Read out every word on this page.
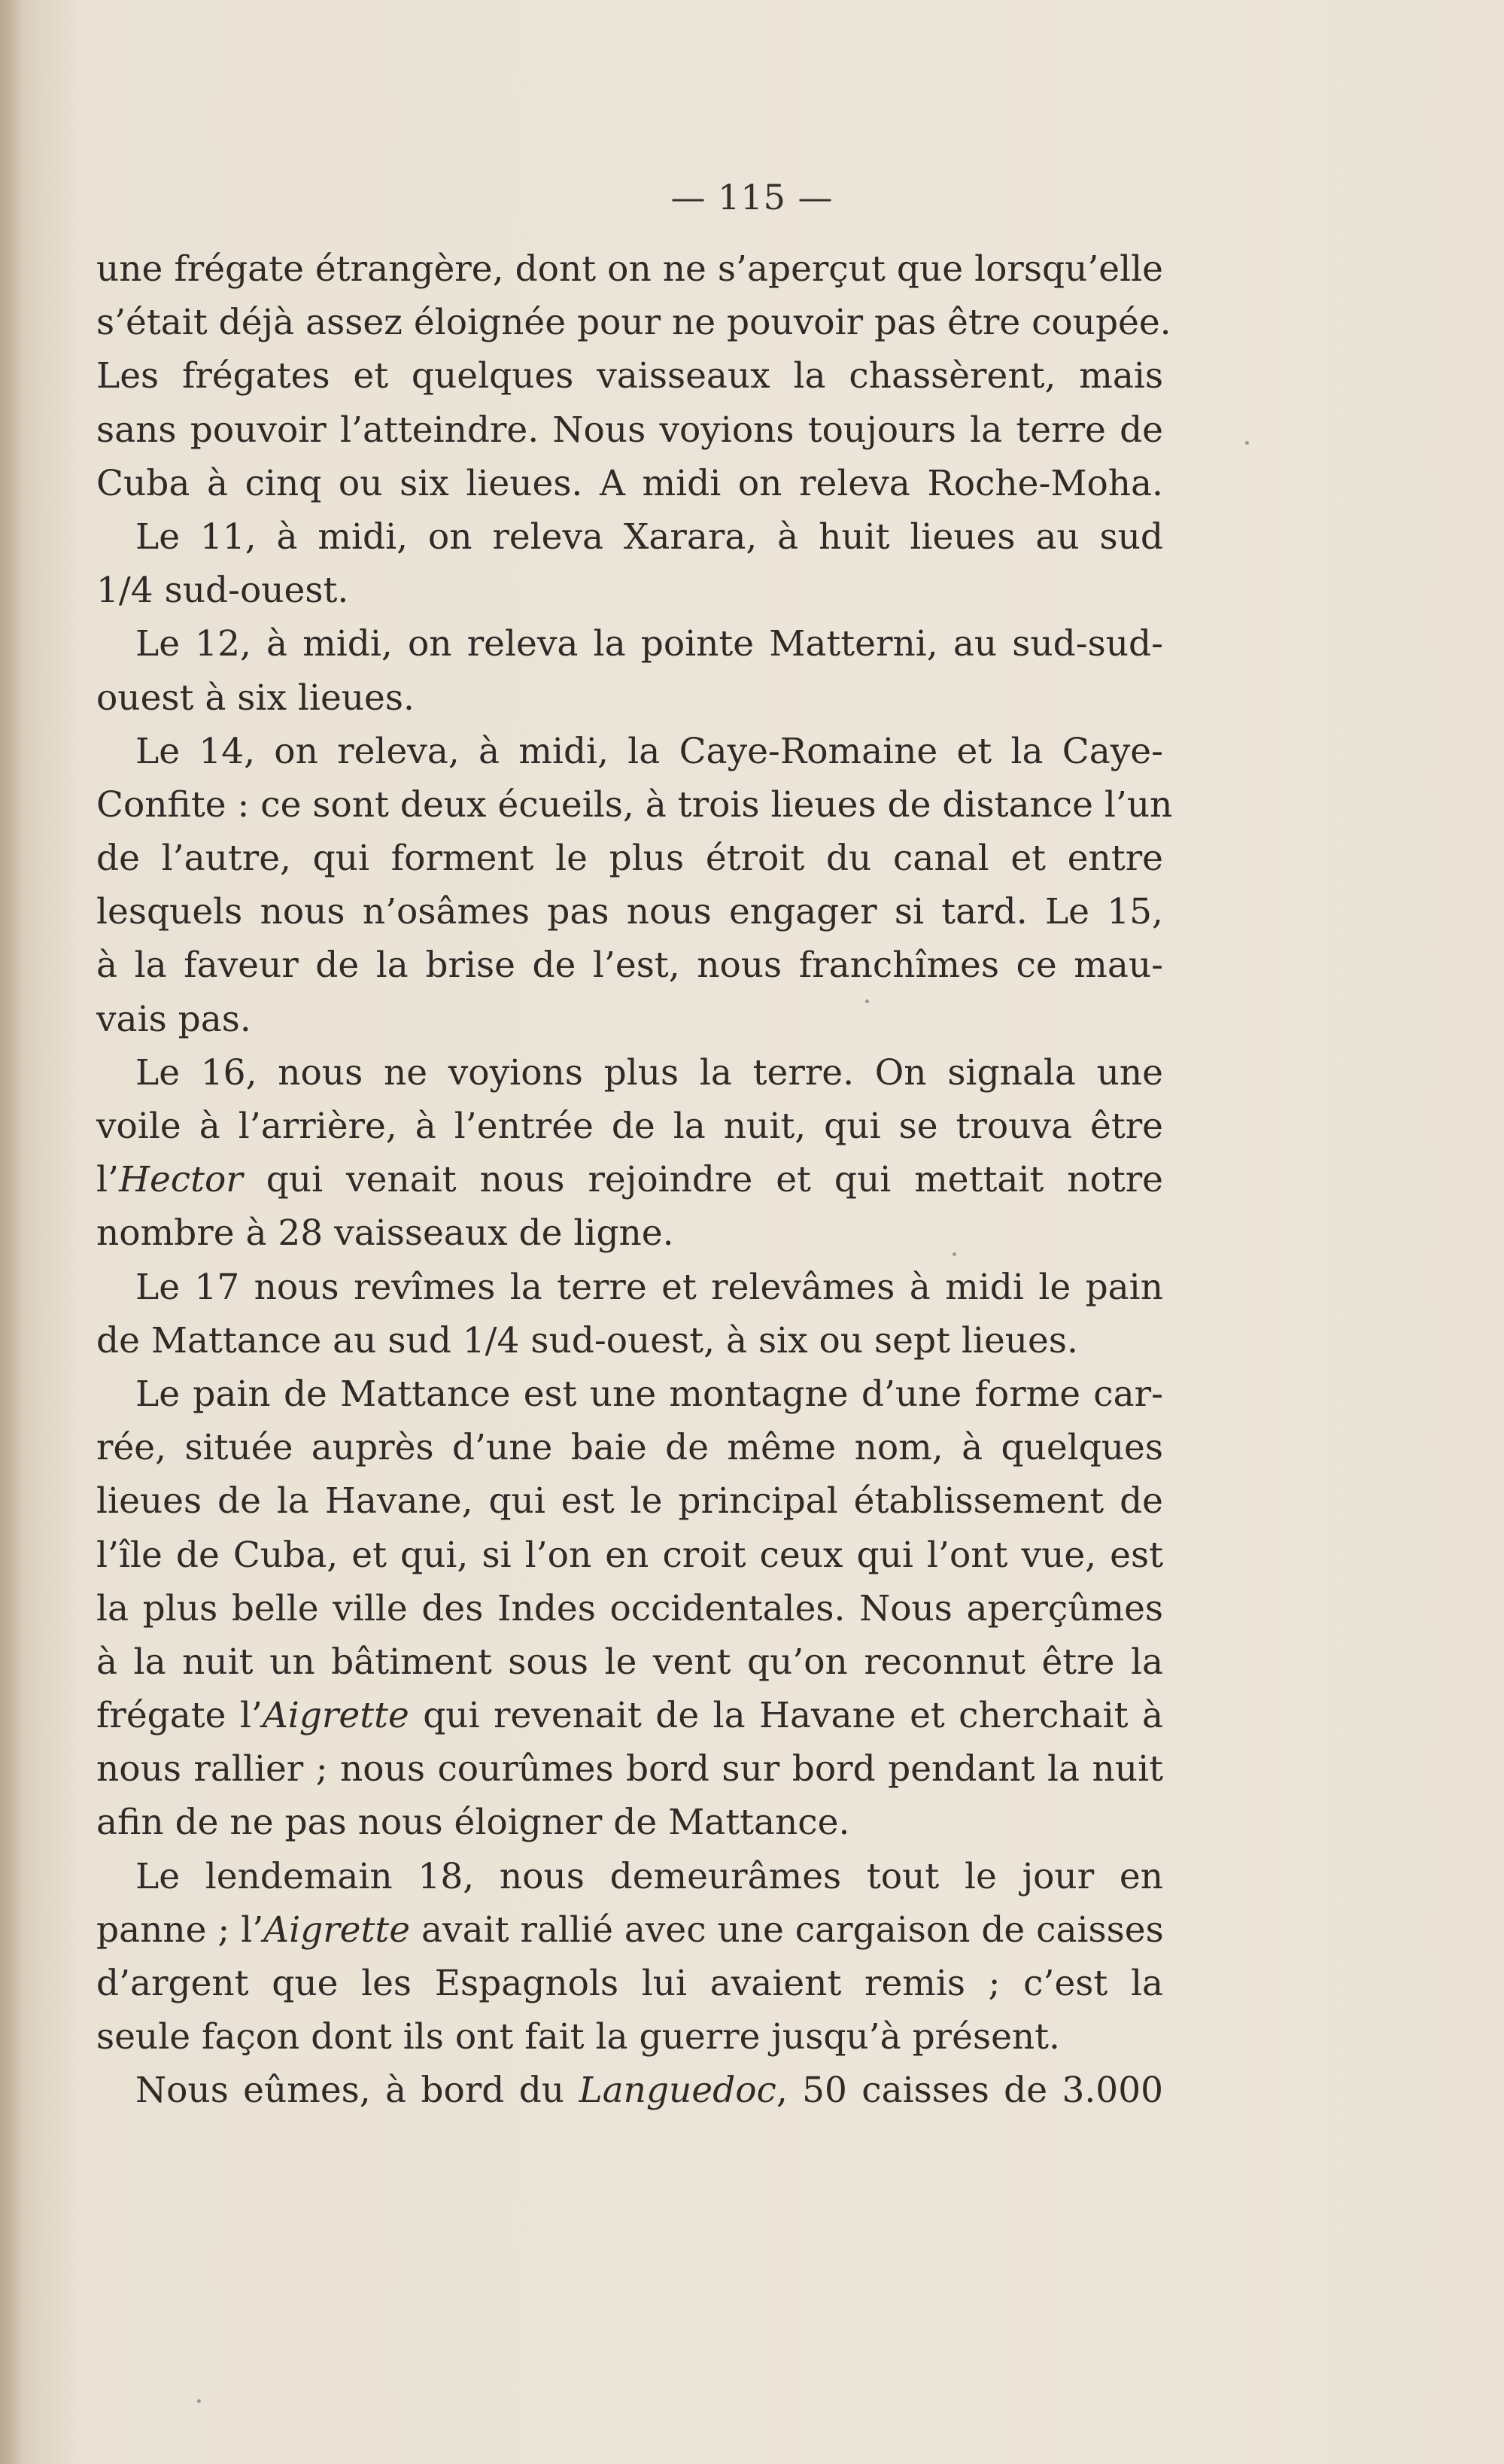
— 115 —
une frégate étrangère, dont on ne s’aperçut que lorsqu’elle
s’était déjà assez éloignée pour ne pouvoir pas être coupée.
Les frégates et quelques vaisseaux la chassèrent, mais
sans pouvoir l’atteindre. Nous voyions toujours la terre de
Cuba à cinq ou six lieues. A midi on releva Roche-Moha.
Le 11, à midi, on releva Xarara, à huit lieues au sud
1/4 sud-ouest.
Le 12, à midi, on releva la pointe Matterni, au sud-sud-
ouest à six lieues.
Le 14, on releva, à midi, la Caye-Romaine et la Caye-
Confite : ce sont deux écueils, à trois lieues de distance l’un
de l’autre, qui forment le plus étroit du canal et entre
lesquels nous n’osâmes pas nous engager si tard. Le 15,
à la faveur de la brise de l’est, nous franchîmes ce mau-
vais pas.
Le 16, nous ne voyions plus la terre. On signala une
voile à l’arrière, à l’entrée de la nuit, qui se trouva être
l’Hector qui venait nous rejoindre et qui mettait notre
nombre à 28 vaisseaux de ligne.
Le 17 nous revîmes la terre et relevâmes à midi le pain
de Mattance au sud 1/4 sud-ouest, à six ou sept lieues.
Le pain de Mattance est une montagne d’une forme car-
rée, située auprès d’une baie de même nom, à quelques
lieues de la Havane, qui est le principal établissement de
l’île de Cuba, et qui, si l’on en croit ceux qui l’ont vue, est
la plus belle ville des Indes occidentales. Nous aperçûmes
à la nuit un bâtiment sous le vent qu’on reconnut être la
frégate l’Aigrette qui revenait de la Havane et cherchait à
nous rallier ; nous courûmes bord sur bord pendant la nuit
afin de ne pas nous éloigner de Mattance.
Le lendemain 18, nous demeurâmes tout le jour en
panne ; l’Aigrette avait rallié avec une cargaison de caisses
d’argent que les Espagnols lui avaient remis ; c’est la
seule façon dont ils ont fait la guerre jusqu’à présent.
Nous eûmes, à bord du Languedoc, 50 caisses de 3.000
